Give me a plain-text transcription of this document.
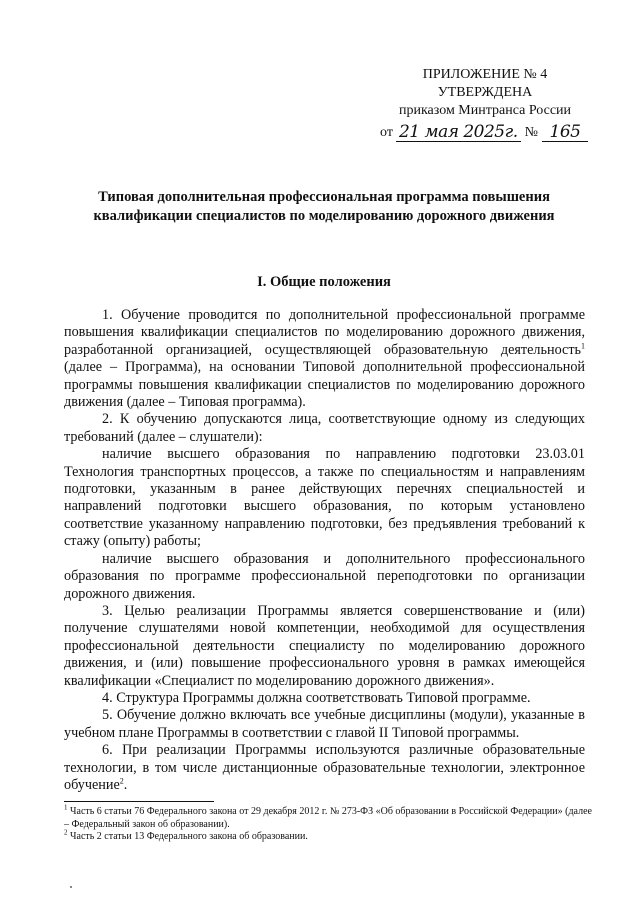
ПРИЛОЖЕНИЕ № 4
УТВЕРЖДЕНА
приказом Минтранса России
от 21 мая 2025г. № 165
Типовая дополнительная профессиональная программа повышения квалификации специалистов по моделированию дорожного движения
I. Общие положения

1. Обучение проводится по дополнительной профессиональной программе повышения квалификации специалистов по моделированию дорожного движения, разработанной организацией, осуществляющей образовательную деятельность$^1$ (далее – Программа), на основании Типовой дополнительной профессиональной программы повышения квалификации специалистов по моделированию дорожного движения (далее – Типовая программа).

2. К обучению допускаются лица, соответствующие одному из следующих требований (далее – слушатели):

наличие высшего образования по направлению подготовки 23.03.01 Технология транспортных процессов, а также по специальностям и направлениям подготовки, указанным в ранее действующих перечнях специальностей и направлений подготовки высшего образования, по которым установлено соответствие указанному направлению подготовки, без предъявления требований к стажу (опыту) работы;

наличие высшего образования и дополнительного профессионального образования по программе профессиональной переподготовки по организации дорожного движения.

3. Целью реализации Программы является совершенствование и (или) получение слушателями новой компетенции, необходимой для осуществления профессиональной деятельности специалисту по моделированию дорожного движения, и (или) повышение профессионального уровня в рамках имеющейся квалификации «Специалист по моделированию дорожного движения».

4. Структура Программы должна соответствовать Типовой программе.

5. Обучение должно включать все учебные дисциплины (модули), указанные в учебном плане Программы в соответствии с главой II Типовой программы.

6. При реализации Программы используются различные образовательные технологии, в том числе дистанционные образовательные технологии, электронное обучение$^2$.

$^1$ Часть 6 статьи 76 Федерального закона от 29 декабря 2012 г. № 273-ФЗ «Об образовании в Российской Федерации» (далее – Федеральный закон об образовании).

$^2$ Часть 2 статьи 13 Федерального закона об образовании.
